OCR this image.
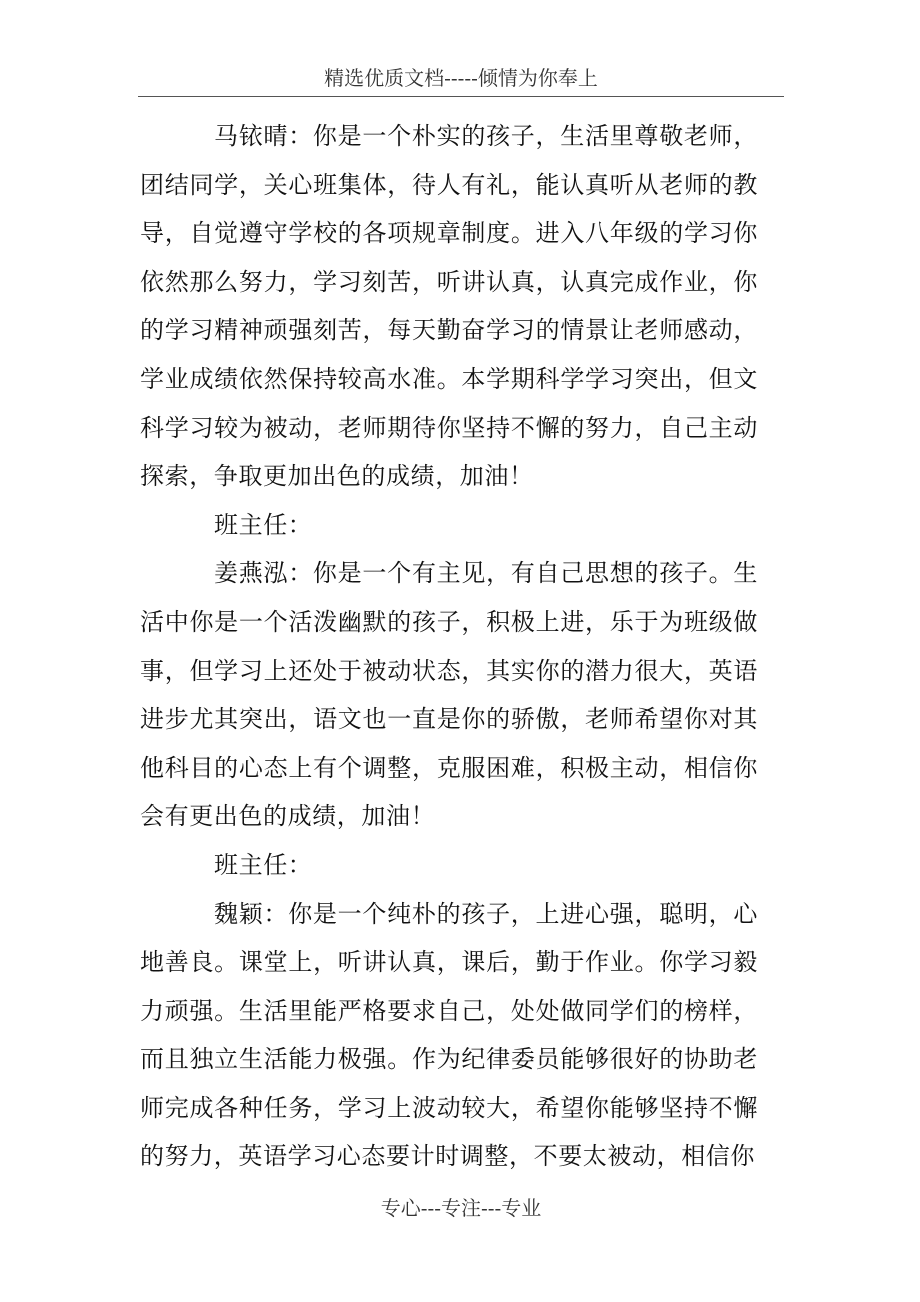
精选优质文档-----倾情为你奉上

马铱晴：你是一个朴实的孩子，生活里尊敬老师，团结同学，关心班集体，待人有礼，能认真听从老师的教导，自觉遵守学校的各项规章制度。进入八年级的学习你依然那么努力，学习刻苦，听讲认真，认真完成作业，你的学习精神顽强刻苦，每天勤奋学习的情景让老师感动，学业成绩依然保持较高水准。本学期科学学习突出，但文科学习较为被动，老师期待你坚持不懈的努力，自己主动探索，争取更加出色的成绩，加油！

班主任：

姜燕泓：你是一个有主见，有自己思想的孩子。生活中你是一个活泼幽默的孩子，积极上进，乐于为班级做事，但学习上还处于被动状态，其实你的潜力很大，英语进步尤其突出，语文也一直是你的骄傲，老师希望你对其他科目的心态上有个调整，克服困难，积极主动，相信你会有更出色的成绩，加油！

班主任：

魏颖：你是一个纯朴的孩子，上进心强，聪明，心地善良。课堂上，听讲认真，课后，勤于作业。你学习毅力顽强。生活里能严格要求自己，处处做同学们的榜样，而且独立生活能力极强。作为纪律委员能够很好的协助老师完成各种任务，学习上波动较大，希望你能够坚持不懈的努力，英语学习心态要计时调整，不要太被动，相信你

专心---专注---专业
